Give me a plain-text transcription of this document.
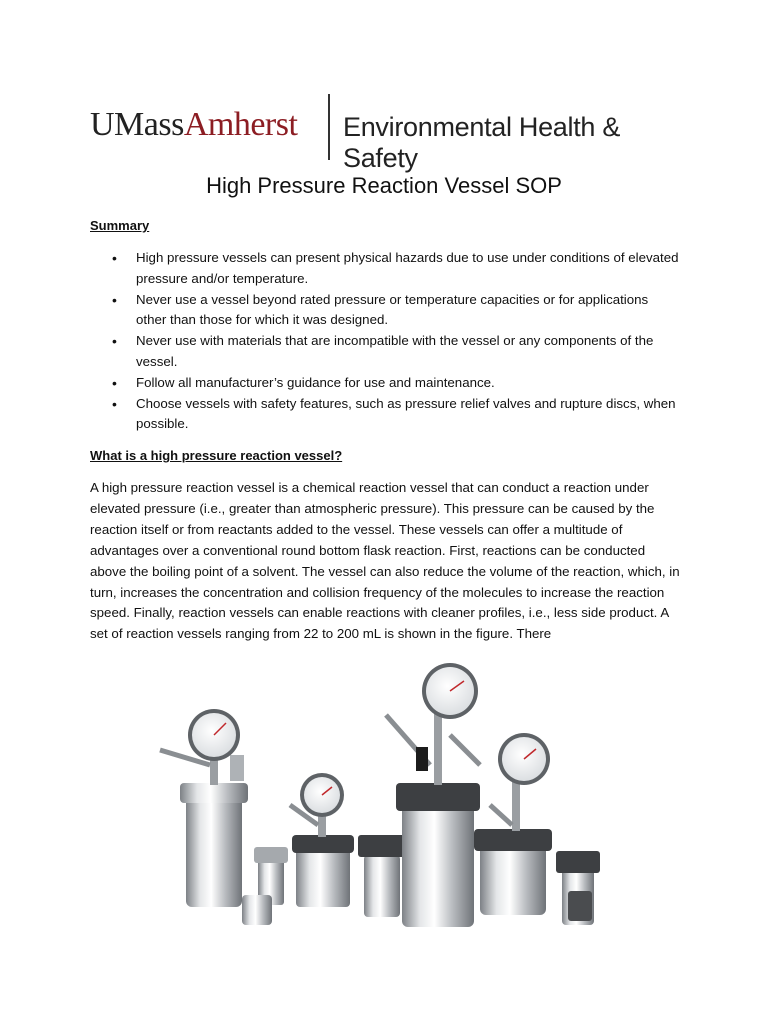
UMassAmherst Environmental Health & Safety
High Pressure Reaction Vessel SOP
Summary
• High pressure vessels can present physical hazards due to use under conditions of elevated pressure and/or temperature.
• Never use a vessel beyond rated pressure or temperature capacities or for applications other than those for which it was designed.
• Never use with materials that are incompatible with the vessel or any components of the vessel.
• Follow all manufacturer’s guidance for use and maintenance.
• Choose vessels with safety features, such as pressure relief valves and rupture discs, when possible.
What is a high pressure reaction vessel?

A high pressure reaction vessel is a chemical reaction vessel that can conduct a reaction under elevated pressure (i.e., greater than atmospheric pressure). This pressure can be caused by the reaction itself or from reactants added to the vessel. These vessels can offer a multitude of advantages over a conventional round bottom flask reaction. First, reactions can be conducted above the boiling point of a solvent. The vessel can also reduce the volume of the reaction, which, in turn, increases the concentration and collision frequency of the molecules to increase the reaction speed. Finally, reaction vessels can enable reactions with cleaner profiles, i.e., less side product. A set of reaction vessels ranging from 22 to 200 mL is shown in the figure. There
